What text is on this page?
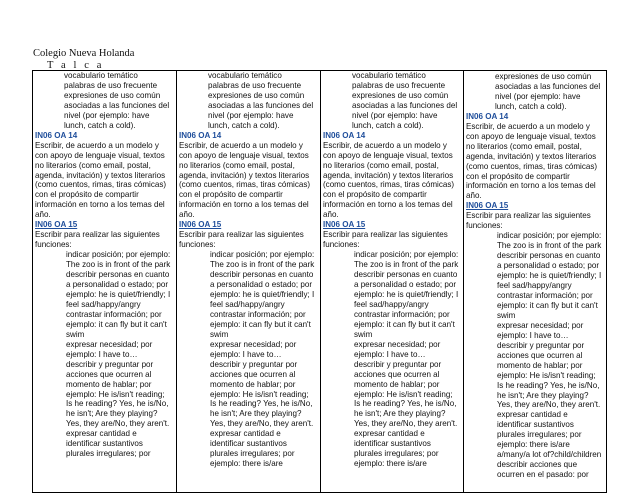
Colegio Nueva Holanda
T a l c a
vocabulario temático
palabras de uso frecuente
expresiones de uso común asociadas a las funciones del nivel (por ejemplo: have lunch, catch a cold).
IN06 OA 14
Escribir, de acuerdo a un modelo y con apoyo de lenguaje visual, textos no literarios (como email, postal, agenda, invitación) y textos literarios (como cuentos, rimas, tiras cómicas) con el propósito de compartir información en torno a los temas del año.
IN06 OA 15
Escribir para realizar las siguientes funciones:
indicar posición; por ejemplo: The zoo is in front of the park
describir personas en cuanto a personalidad o estado; por ejemplo: he is quiet/friendly; I feel sad/happy/angry
contrastar información; por ejemplo: it can fly but it can't swim
expresar necesidad; por ejemplo: I have to…
describir y preguntar por acciones que ocurren al momento de hablar; por ejemplo: He is/isn't reading; Is he reading? Yes, he is/No, he isn't; Are they playing? Yes, they are/No, they aren't.
expresar cantidad e identificar sustantivos plurales irregulares; por

vocabulario temático
palabras de uso frecuente
expresiones de uso común asociadas a las funciones del nivel (por ejemplo: have lunch, catch a cold).
IN06 OA 14
Escribir, de acuerdo a un modelo y con apoyo de lenguaje visual, textos no literarios (como email, postal, agenda, invitación) y textos literarios (como cuentos, rimas, tiras cómicas) con el propósito de compartir información en torno a los temas del año.
IN06 OA 15
Escribir para realizar las siguientes funciones:
indicar posición; por ejemplo: The zoo is in front of the park
describir personas en cuanto a personalidad o estado; por ejemplo: he is quiet/friendly; I feel sad/happy/angry
contrastar información; por ejemplo: it can fly but it can't swim
expresar necesidad; por ejemplo: I have to…
describir y preguntar por acciones que ocurren al momento de hablar; por ejemplo: He is/isn't reading; Is he reading? Yes, he is/No, he isn't; Are they playing? Yes, they are/No, they aren't.
expresar cantidad e identificar sustantivos plurales irregulares; por ejemplo: there is/are

vocabulario temático
palabras de uso frecuente
expresiones de uso común asociadas a las funciones del nivel (por ejemplo: have lunch, catch a cold).
IN06 OA 14
Escribir, de acuerdo a un modelo y con apoyo de lenguaje visual, textos no literarios (como email, postal, agenda, invitación) y textos literarios (como cuentos, rimas, tiras cómicas) con el propósito de compartir información en torno a los temas del año.
IN06 OA 15
Escribir para realizar las siguientes funciones:
indicar posición; por ejemplo: The zoo is in front of the park
describir personas en cuanto a personalidad o estado; por ejemplo: he is quiet/friendly; I feel sad/happy/angry
contrastar información; por ejemplo: it can fly but it can't swim
expresar necesidad; por ejemplo: I have to…
describir y preguntar por acciones que ocurren al momento de hablar; por ejemplo: He is/isn't reading; Is he reading? Yes, he is/No, he isn't; Are they playing? Yes, they are/No, they aren't.
expresar cantidad e identificar sustantivos plurales irregulares; por ejemplo: there is/are

expresiones de uso común asociadas a las funciones del nivel (por ejemplo: have lunch, catch a cold).
IN06 OA 14
Escribir, de acuerdo a un modelo y con apoyo de lenguaje visual, textos no literarios (como email, postal, agenda, invitación) y textos literarios (como cuentos, rimas, tiras cómicas) con el propósito de compartir información en torno a los temas del año.
IN06 OA 15
Escribir para realizar las siguientes funciones:
indicar posición; por ejemplo: The zoo is in front of the park
describir personas en cuanto a personalidad o estado; por ejemplo: he is quiet/friendly; I feel sad/happy/angry
contrastar información; por ejemplo: it can fly but it can't swim
expresar necesidad; por ejemplo: I have to…
describir y preguntar por acciones que ocurren al momento de hablar; por ejemplo: He is/isn't reading; Is he reading? Yes, he is/No, he isn't; Are they playing? Yes, they are/No, they aren't.
expresar cantidad e identificar sustantivos plurales irregulares; por ejemplo: there is/are a/many/a lot of?child/children
describir acciones que ocurren en el pasado: por
